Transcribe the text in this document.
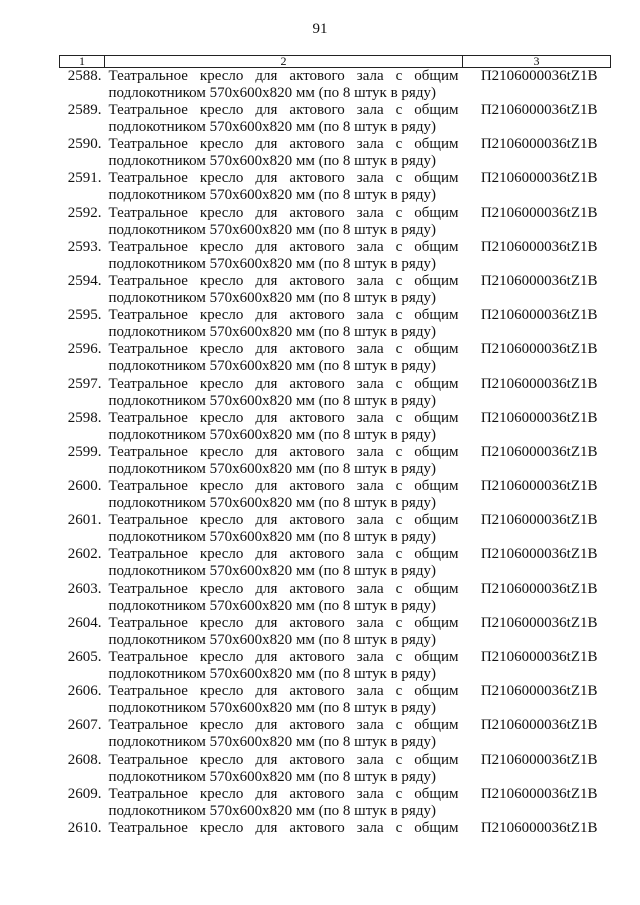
91
1	2	3
2588.	Театральное кресло для актового зала с общим
подлокотником 570х600х820 мм (по 8 штук в ряду)	П2106000036tZ1B
2589.	Театральное кресло для актового зала с общим
подлокотником 570х600х820 мм (по 8 штук в ряду)	П2106000036tZ1B
2590.	Театральное кресло для актового зала с общим
подлокотником 570х600х820 мм (по 8 штук в ряду)	П2106000036tZ1B
2591.	Театральное кресло для актового зала с общим
подлокотником 570х600х820 мм (по 8 штук в ряду)	П2106000036tZ1B
2592.	Театральное кресло для актового зала с общим
подлокотником 570х600х820 мм (по 8 штук в ряду)	П2106000036tZ1B
2593.	Театральное кресло для актового зала с общим
подлокотником 570х600х820 мм (по 8 штук в ряду)	П2106000036tZ1B
2594.	Театральное кресло для актового зала с общим
подлокотником 570х600х820 мм (по 8 штук в ряду)	П2106000036tZ1B
2595.	Театральное кресло для актового зала с общим
подлокотником 570х600х820 мм (по 8 штук в ряду)	П2106000036tZ1B
2596.	Театральное кресло для актового зала с общим
подлокотником 570х600х820 мм (по 8 штук в ряду)	П2106000036tZ1B
2597.	Театральное кресло для актового зала с общим
подлокотником 570х600х820 мм (по 8 штук в ряду)	П2106000036tZ1B
2598.	Театральное кресло для актового зала с общим
подлокотником 570х600х820 мм (по 8 штук в ряду)	П2106000036tZ1B
2599.	Театральное кресло для актового зала с общим
подлокотником 570х600х820 мм (по 8 штук в ряду)	П2106000036tZ1B
2600.	Театральное кресло для актового зала с общим
подлокотником 570х600х820 мм (по 8 штук в ряду)	П2106000036tZ1B
2601.	Театральное кресло для актового зала с общим
подлокотником 570х600х820 мм (по 8 штук в ряду)	П2106000036tZ1B
2602.	Театральное кресло для актового зала с общим
подлокотником 570х600х820 мм (по 8 штук в ряду)	П2106000036tZ1B
2603.	Театральное кресло для актового зала с общим
подлокотником 570х600х820 мм (по 8 штук в ряду)	П2106000036tZ1B
2604.	Театральное кресло для актового зала с общим
подлокотником 570х600х820 мм (по 8 штук в ряду)	П2106000036tZ1B
2605.	Театральное кресло для актового зала с общим
подлокотником 570х600х820 мм (по 8 штук в ряду)	П2106000036tZ1B
2606.	Театральное кресло для актового зала с общим
подлокотником 570х600х820 мм (по 8 штук в ряду)	П2106000036tZ1B
2607.	Театральное кресло для актового зала с общим
подлокотником 570х600х820 мм (по 8 штук в ряду)	П2106000036tZ1B
2608.	Театральное кресло для актового зала с общим
подлокотником 570х600х820 мм (по 8 штук в ряду)	П2106000036tZ1B
2609.	Театральное кресло для актового зала с общим
подлокотником 570х600х820 мм (по 8 штук в ряду)	П2106000036tZ1B
2610.	Театральное кресло для актового зала с общим	П2106000036tZ1B
